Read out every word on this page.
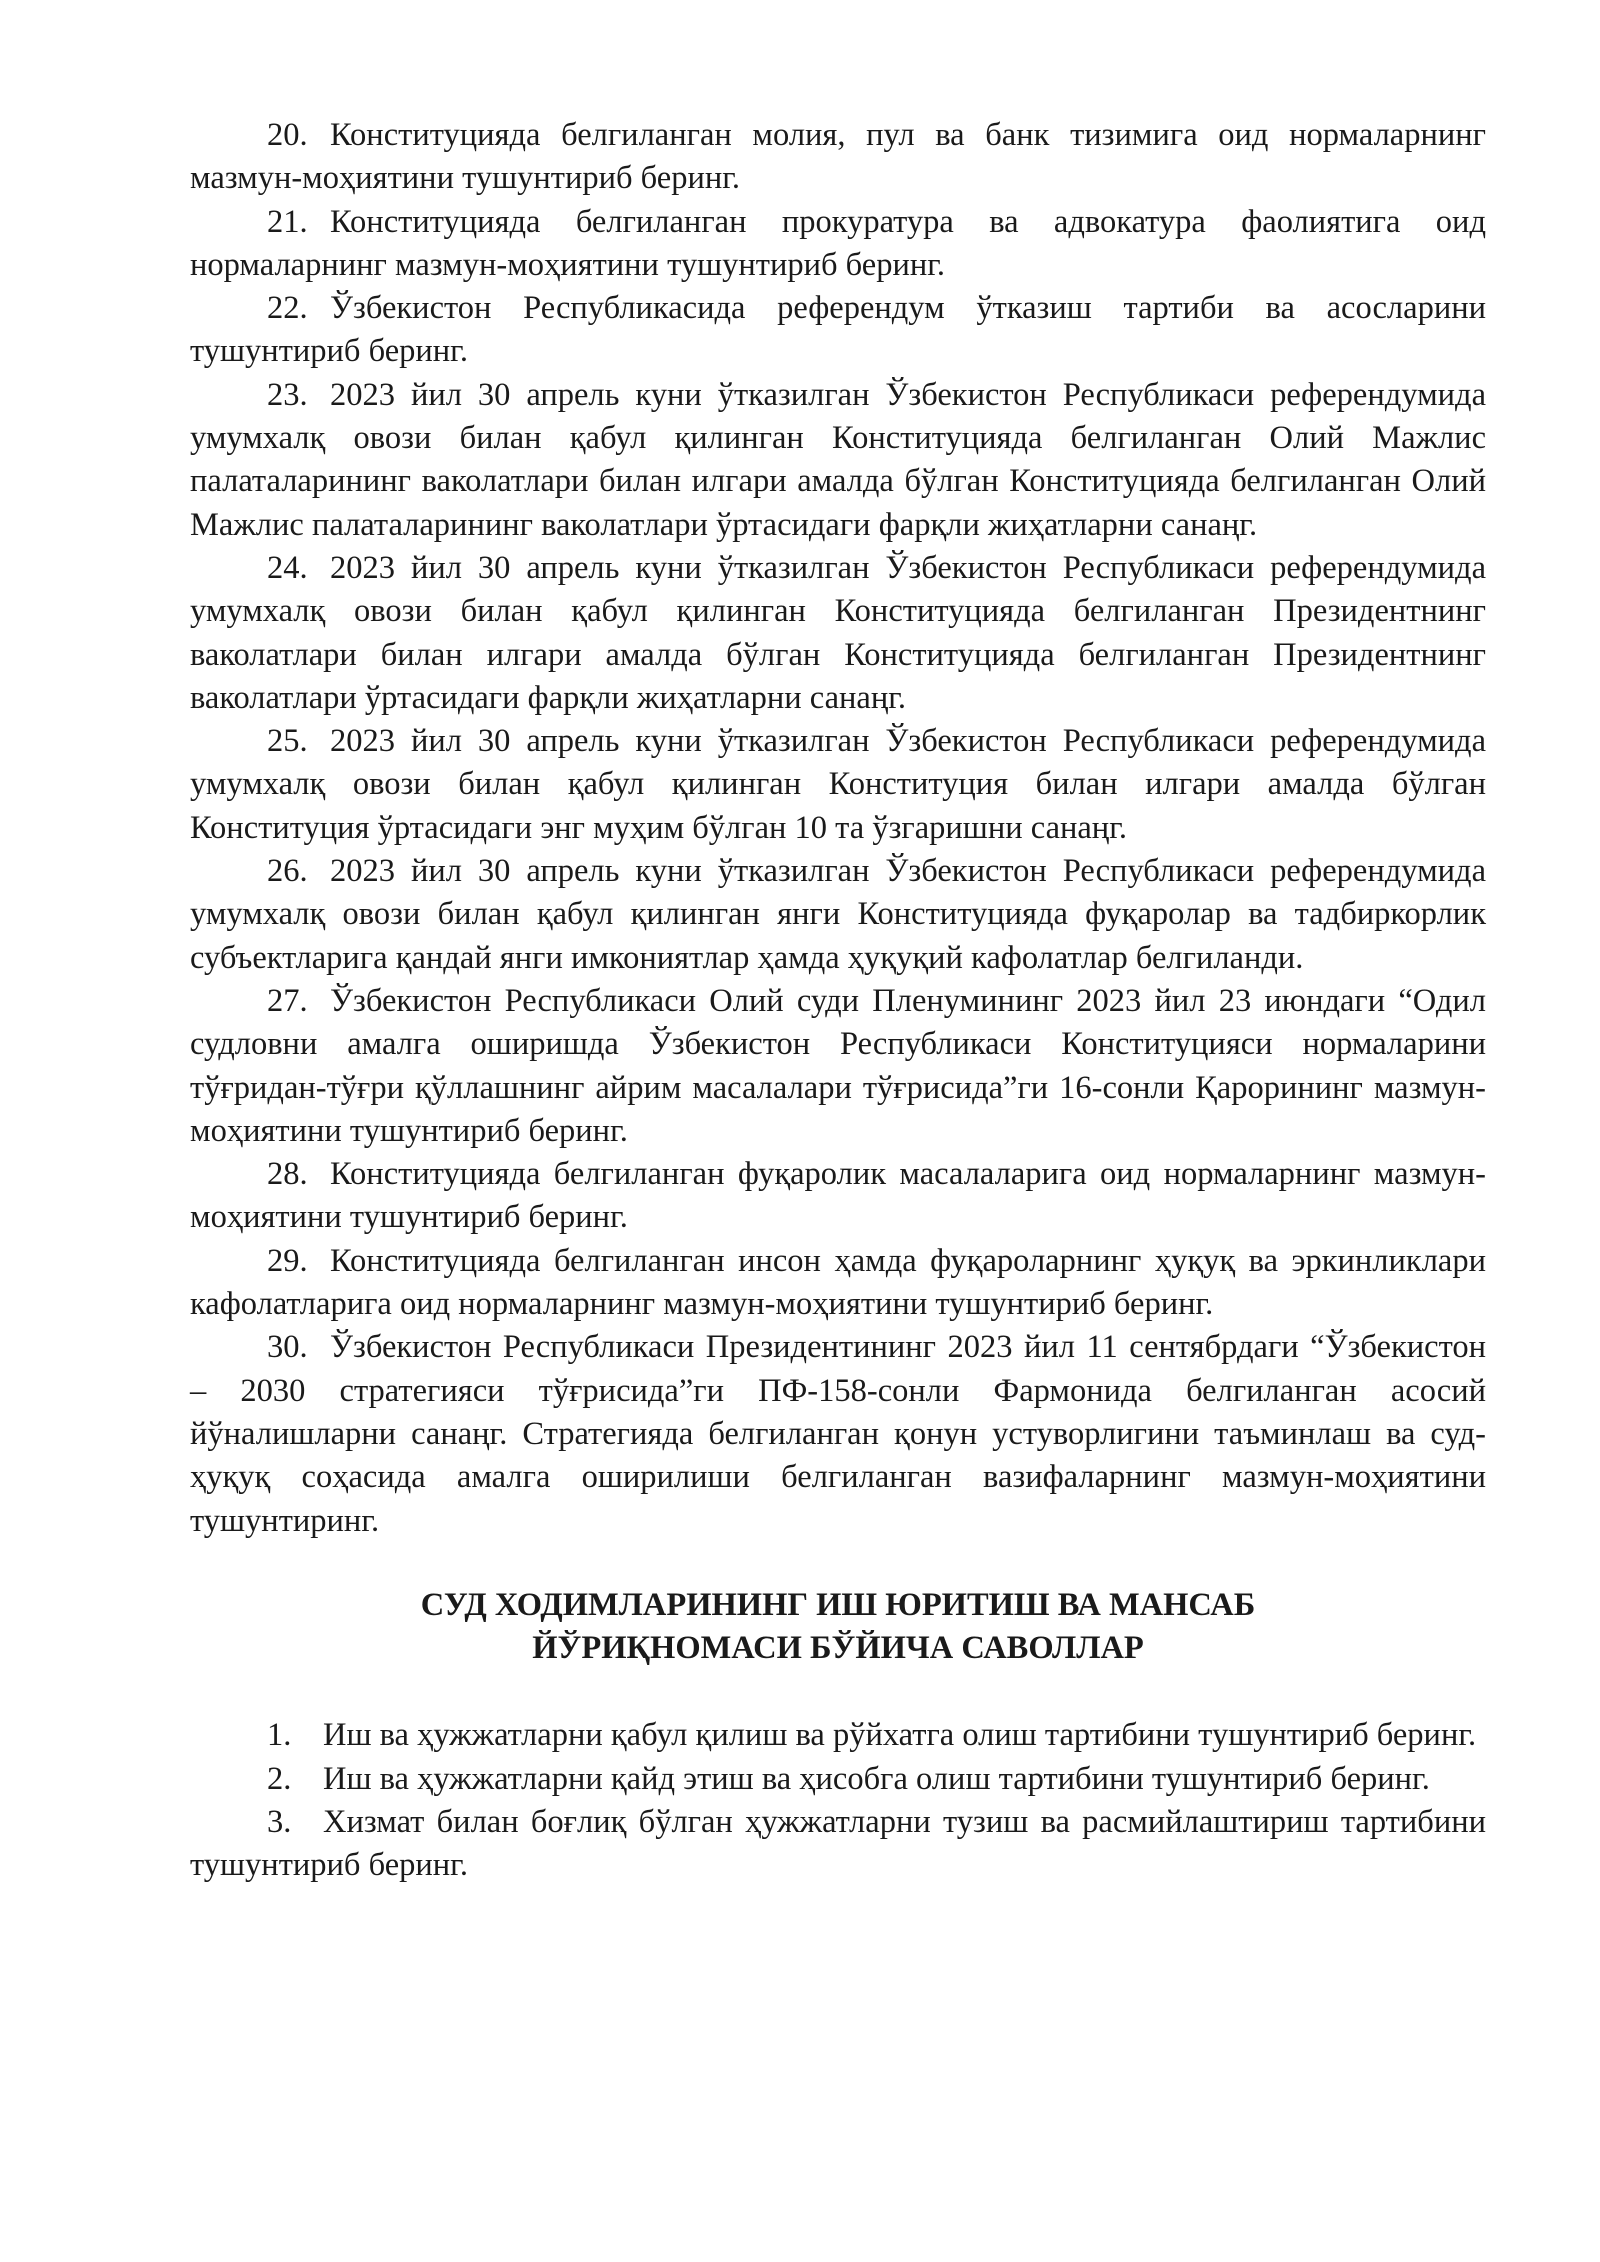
20. Конституцияда белгиланган молия, пул ва банк тизимига оид нормаларнинг мазмун-моҳиятини тушунтириб беринг.

21. Конституцияда белгиланган прокуратура ва адвокатура фаолиятига оид нормаларнинг мазмун-моҳиятини тушунтириб беринг.

22. Ўзбекистон Республикасида референдум ўтказиш тартиби ва асосларини тушунтириб беринг.

23. 2023 йил 30 апрель куни ўтказилган Ўзбекистон Республикаси референдумида умумхалқ овози билан қабул қилинган Конституцияда белгиланган Олий Мажлис палаталарининг ваколатлари билан илгари амалда бўлган Конституцияда белгиланган Олий Мажлис палаталарининг ваколатлари ўртасидаги фарқли жиҳатларни санаңг.

24. 2023 йил 30 апрель куни ўтказилган Ўзбекистон Республикаси референдумида умумхалқ овози билан қабул қилинган Конституцияда белгиланган Президентнинг ваколатлари билан илгари амалда бўлган Конституцияда белгиланган Президентнинг ваколатлари ўртасидаги фарқли жиҳатларни санаңг.

25. 2023 йил 30 апрель куни ўтказилган Ўзбекистон Республикаси референдумида умумхалқ овози билан қабул қилинган Конституция билан илгари амалда бўлган Конституция ўртасидаги энг муҳим бўлган 10 та ўзгаришни санаңг.

26. 2023 йил 30 апрель куни ўтказилган Ўзбекистон Республикаси референдумида умумхалқ овози билан қабул қилинган янги Конституцияда фуқаролар ва тадбиркорлик субъектларига қандай янги имкониятлар ҳамда ҳуқуқий кафолатлар белгиланди.

27. Ўзбекистон Республикаси Олий суди Пленумининг 2023 йил 23 июндаги “Одил судловни амалга оширишда Ўзбекистон Республикаси Конституцияси нормаларини тўғридан-тўғри қўллашнинг айрим масалалари тўғрисида”ги 16-сонли Қарорининг мазмун-моҳиятини тушунтириб беринг.

28. Конституцияда белгиланган фуқаролик масалаларига оид нормаларнинг мазмун-моҳиятини тушунтириб беринг.

29. Конституцияда белгиланган инсон ҳамда фуқароларнинг ҳуқуқ ва эркинликлари кафолатларига оид нормаларнинг мазмун-моҳиятини тушунтириб беринг.

30. Ўзбекистон Республикаси Президентининг 2023 йил 11 сентябрдаги “Ўзбекистон – 2030 стратегияси тўғрисида”ги ПФ-158-сонли Фармонида белгиланган асосий йўналишларни санаңг. Стратегияда белгиланган қонун устуворлигини таъминлаш ва суд-ҳуқуқ соҳасида амалга оширилиши белгиланган вазифаларнинг мазмун-моҳиятини тушунтиринг.

СУД ХОДИМЛАРИНИНГ ИШ ЮРИТИШ ВА МАНСАБ
ЙЎРИҚНОМАСИ БЎЙИЧА САВОЛЛАР

1. Иш ва ҳужжатларни қабул қилиш ва рўйхатга олиш тартибини тушунтириб беринг.

2. Иш ва ҳужжатларни қайд этиш ва ҳисобга олиш тартибини тушунтириб беринг.

3. Хизмат билан боғлиқ бўлган ҳужжатларни тузиш ва расмийлаштириш тартибини тушунтириб беринг.
